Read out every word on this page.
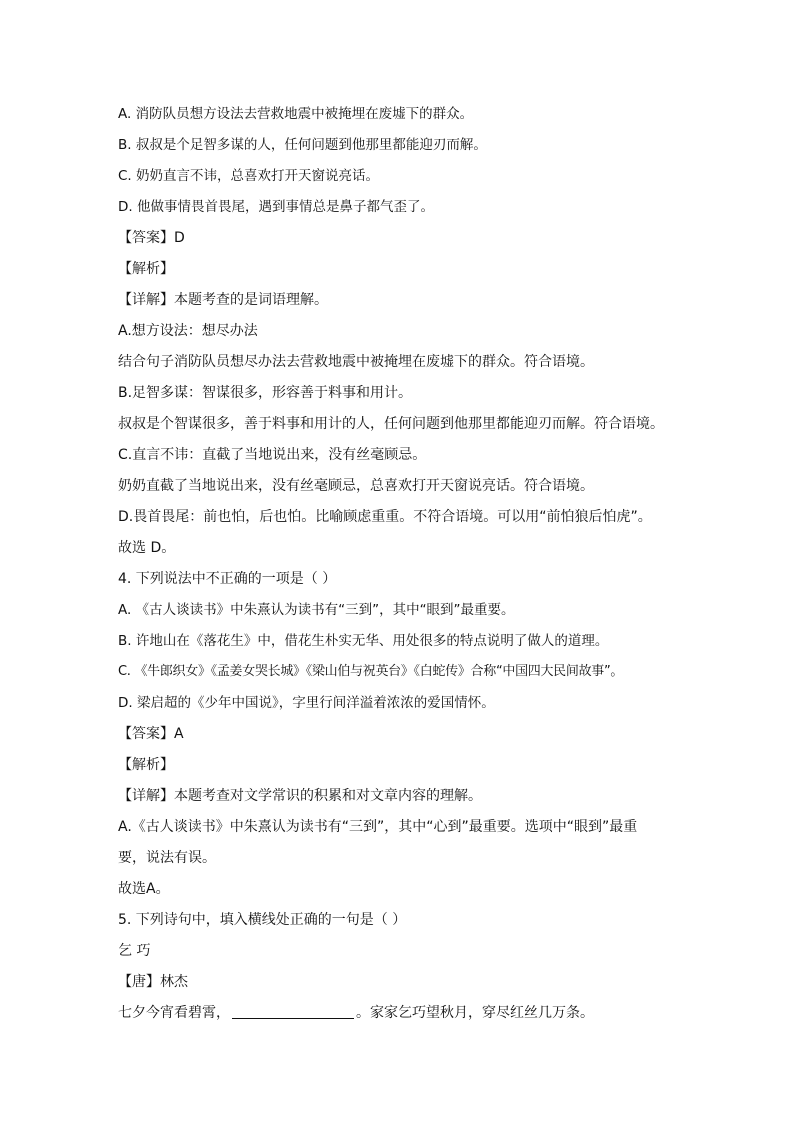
A. 消防队员想方设法去营救地震中被掩埋在废墟下的群众。
B. 叔叔是个足智多谋的人，任何问题到他那里都能迎刃而解。
C. 奶奶直言不讳，总喜欢打开天窗说亮话。
D. 他做事情畏首畏尾，遇到事情总是鼻子都气歪了。
【答案】D
【解析】
【详解】本题考查的是词语理解。
A.想方设法：想尽办法
结合句子消防队员想尽办法去营救地震中被掩埋在废墟下的群众。符合语境。
B.足智多谋：智谋很多，形容善于料事和用计。
叔叔是个智谋很多，善于料事和用计的人，任何问题到他那里都能迎刃而解。符合语境。
C.直言不讳：直截了当地说出来，没有丝毫顾忌。
奶奶直截了当地说出来，没有丝毫顾忌，总喜欢打开天窗说亮话。符合语境。
D.畏首畏尾：前也怕，后也怕。比喻顾虑重重。不符合语境。可以用“前怕狼后怕虎”。
故选 D。
4. 下列说法中不正确的一项是（ ）
A. 《古人谈读书》中朱熹认为读书有“三到”，其中“眼到”最重要。
B. 许地山在《落花生》中，借花生朴实无华、用处很多的特点说明了做人的道理。
C. 《牛郎织女》《孟姜女哭长城》《梁山伯与祝英台》《白蛇传》合称“中国四大民间故事”。
D. 梁启超的《少年中国说》，字里行间洋溢着浓浓的爱国情怀。
【答案】A
【解析】
【详解】本题考查对文学常识的积累和对文章内容的理解。
A.《古人谈读书》中朱熹认为读书有“三到”，其中“心到”最重要。选项中“眼到”最重
要，说法有误。
故选A。
5. 下列诗句中，填入横线处正确的一句是（ ）
乞 巧
【唐】林杰
七夕今宵看碧霄，	。家家乞巧望秋月，穿尽红丝几万条。
